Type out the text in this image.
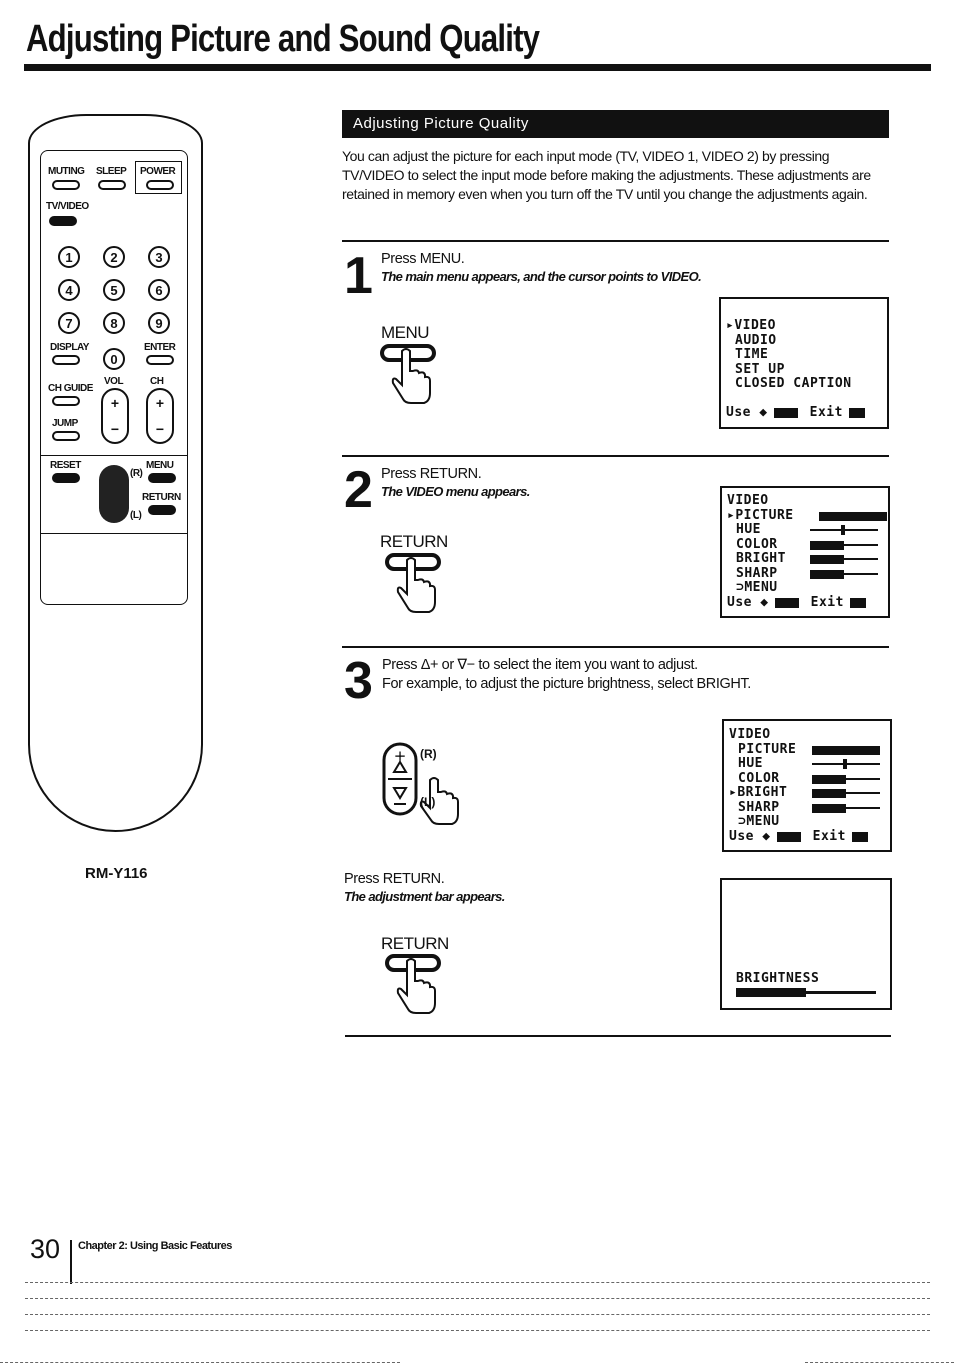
Adjusting Picture and Sound Quality
MUTING SLEEP POWER
TV/VIDEO
1	2	3
4	5	6
7	8	9
DISPLAY
0
ENTER
CH GUIDE
VOL
+
−
CH
+
−
JUMP
RESET	MENU
(R)
(L)
RETURN
RM-Y116
Adjusting Picture Quality
You can adjust the picture for each input mode (TV, VIDEO 1, VIDEO 2) by pressing TV/VIDEO to select the input mode before making the adjustments. These adjustments are retained in memory even when you turn off the TV until you change the adjustments again.
1 Press MENU.
The main menu appears, and the cursor points to VIDEO.
MENU	▸VIDEO
AUDIO
TIME
SET UP
CLOSED CAPTION
Use ◆	Exit
2 Press RETURN.
The VIDEO menu appears.
RETURN
VIDEO
▸PICTURE
HUE
COLOR
BRIGHT
SHARP
⊃MENU
Use ◆	Exit
3 Press Δ+ or ∇− to select the item you want to adjust.
For example, to adjust the picture brightness, select BRIGHT.
+ (R)
(L)
VIDEO
PICTURE
HUE
COLOR
▸BRIGHT
SHARP
⊃MENU
Use ◆	Exit
Press RETURN.
The adjustment bar appears.
RETURN
BRIGHTNESS
30 Chapter 2: Using Basic Features
